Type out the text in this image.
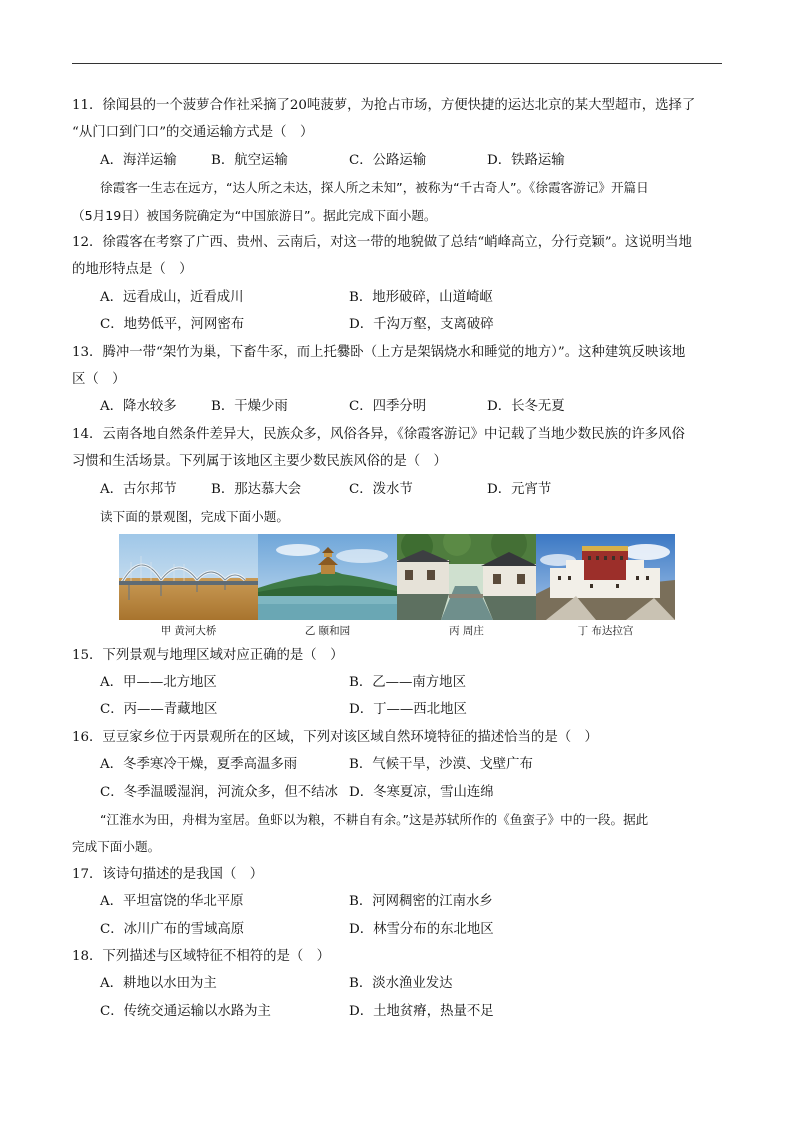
11．徐闻县的一个菠萝合作社采摘了20吨菠萝，为抢占市场，方便快捷的运达北京的某大型超市，选择了
“从门口到门口”的交通运输方式是（　）
A．海洋运输	B．航空运输	C．公路运输	D．铁路运输
徐霞客一生志在远方，“达人所之未达，探人所之未知”，被称为“千古奇人”。《徐霞客游记》开篇日
（5月19日）被国务院确定为“中国旅游日”。据此完成下面小题。
12．徐霞客在考察了广西、贵州、云南后，对这一带的地貌做了总结“峭峰高立，分行竞颖”。这说明当地
的地形特点是（　）
A．远看成山，近看成川	B．地形破碎，山道崎岖
C．地势低平，河网密布	D．千沟万壑，支离破碎
13．腾冲一带“架竹为巢，下畜牛豕，而上托爨卧（上方是架锅烧水和睡觉的地方）”。这种建筑反映该地
区（　）
A．降水较多	B．干燥少雨	C．四季分明	D．长冬无夏
14．云南各地自然条件差异大，民族众多，风俗各异，《徐霞客游记》中记载了当地少数民族的许多风俗
习惯和生活场景。下列属于该地区主要少数民族风俗的是（　）
A．古尔邦节	B．那达慕大会	C．泼水节	D．元宵节
读下面的景观图，完成下面小题。
甲 黄河大桥	乙 颐和园	丙 周庄	丁 布达拉宫
15．下列景观与地理区域对应正确的是（　）
A．甲——北方地区	B．乙——南方地区
C．丙——青藏地区	D．丁——西北地区
16．豆豆家乡位于丙景观所在的区域，下列对该区域自然环境特征的描述恰当的是（　）
A．冬季寒冷干燥，夏季高温多雨	B．气候干旱，沙漠、戈壁广布
C．冬季温暖湿润，河流众多，但不结冰 D．冬寒夏凉，雪山连绵
“江淮水为田，舟楫为室居。鱼虾以为粮，不耕自有余。”这是苏轼所作的《鱼蛮子》中的一段。据此
完成下面小题。
17．该诗句描述的是我国（　）
A．平坦富饶的华北平原	B．河网稠密的江南水乡
C．冰川广布的雪域高原	D．林雪分布的东北地区
18．下列描述与区域特征不相符的是（　）
A．耕地以水田为主	B．淡水渔业发达
C．传统交通运输以水路为主	D．土地贫瘠，热量不足
